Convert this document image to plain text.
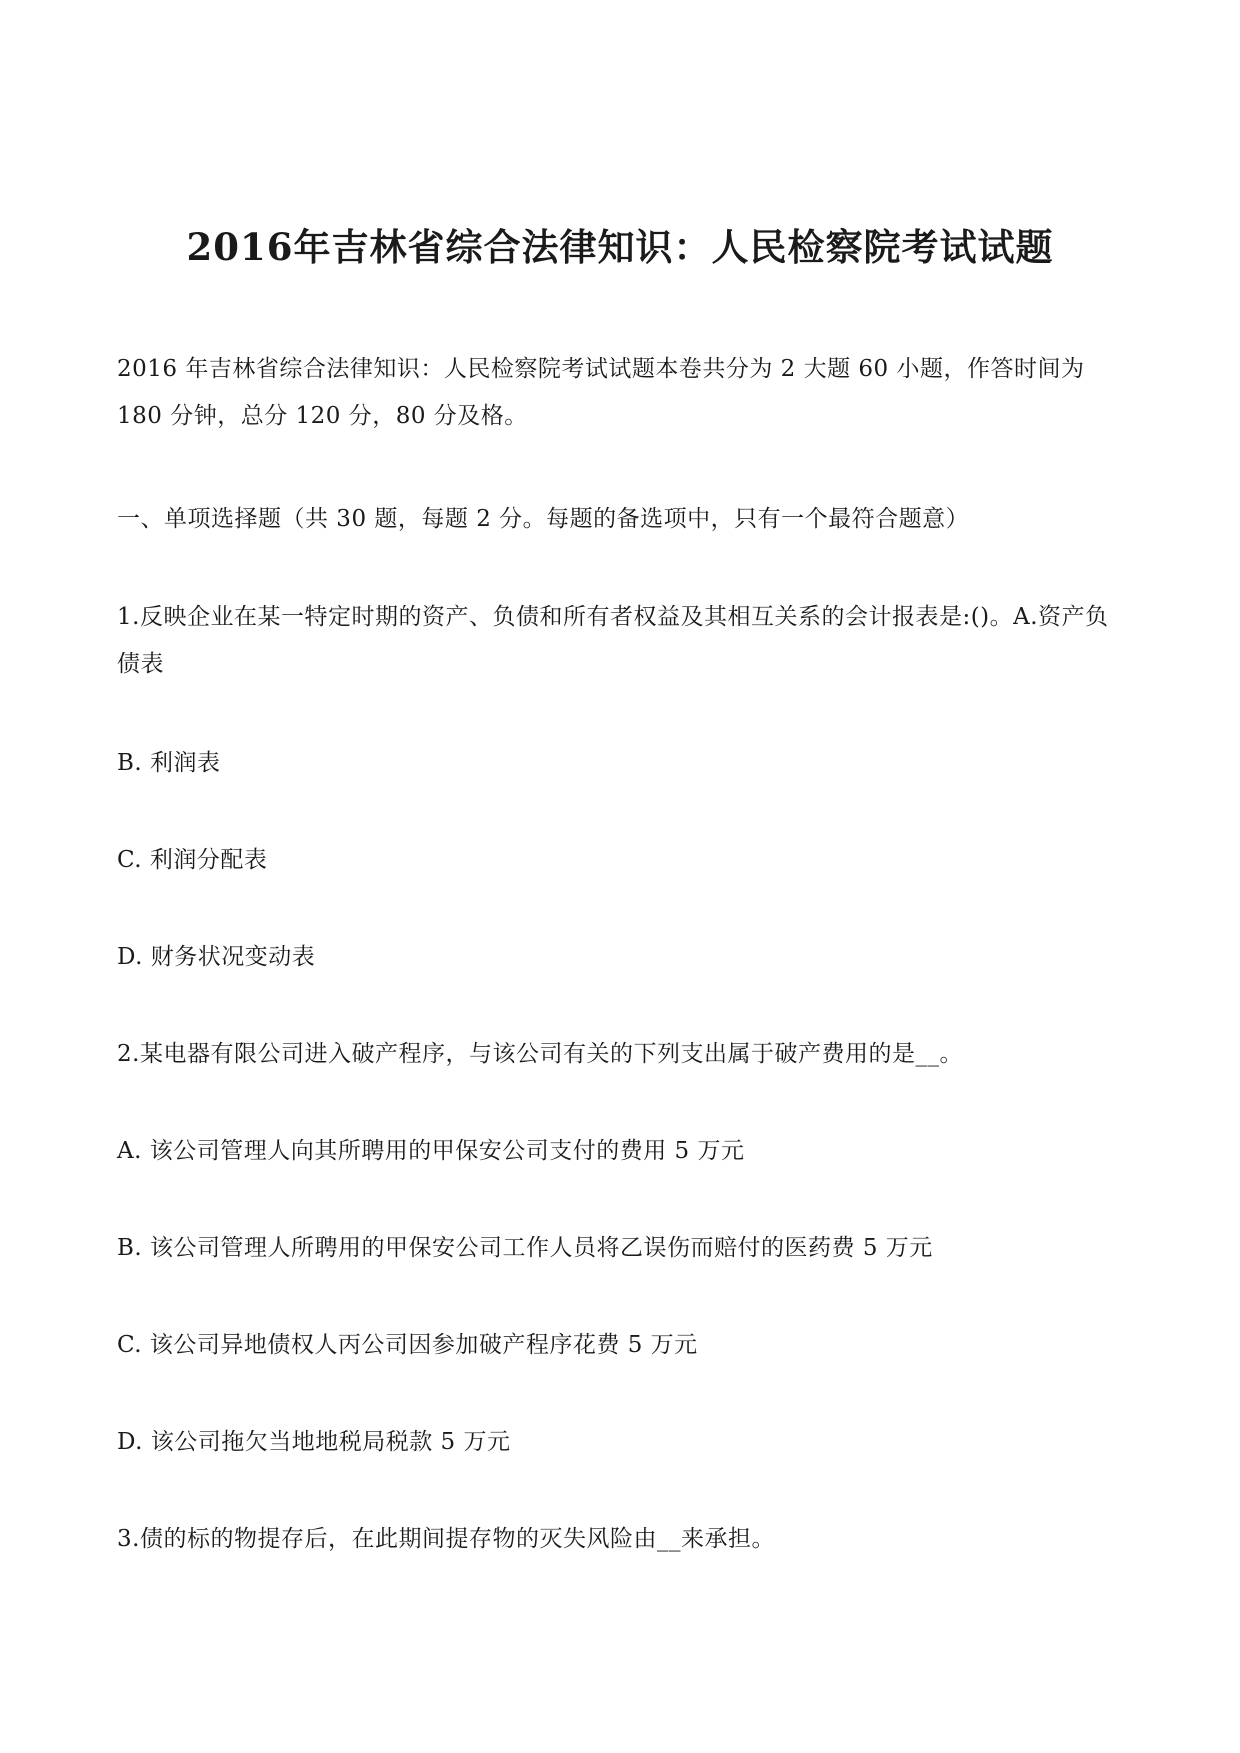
2016年吉林省综合法律知识：人民检察院考试试题
2016 年吉林省综合法律知识：人民检察院考试试题本卷共分为 2 大题 60 小题，作答时间为 180 分钟，总分 120 分，80 分及格。
一、单项选择题（共 30 题，每题 2 分。每题的备选项中，只有一个最符合题意）
1.反映企业在某一特定时期的资产、负债和所有者权益及其相互关系的会计报表是:()。A.资产负债表
B. 利润表
C. 利润分配表
D. 财务状况变动表
2.某电器有限公司进入破产程序，与该公司有关的下列支出属于破产费用的是__。
A. 该公司管理人向其所聘用的甲保安公司支付的费用 5 万元
B. 该公司管理人所聘用的甲保安公司工作人员将乙误伤而赔付的医药费 5 万元
C. 该公司异地债权人丙公司因参加破产程序花费 5 万元
D. 该公司拖欠当地地税局税款 5 万元
3.债的标的物提存后，在此期间提存物的灭失风险由__来承担。
